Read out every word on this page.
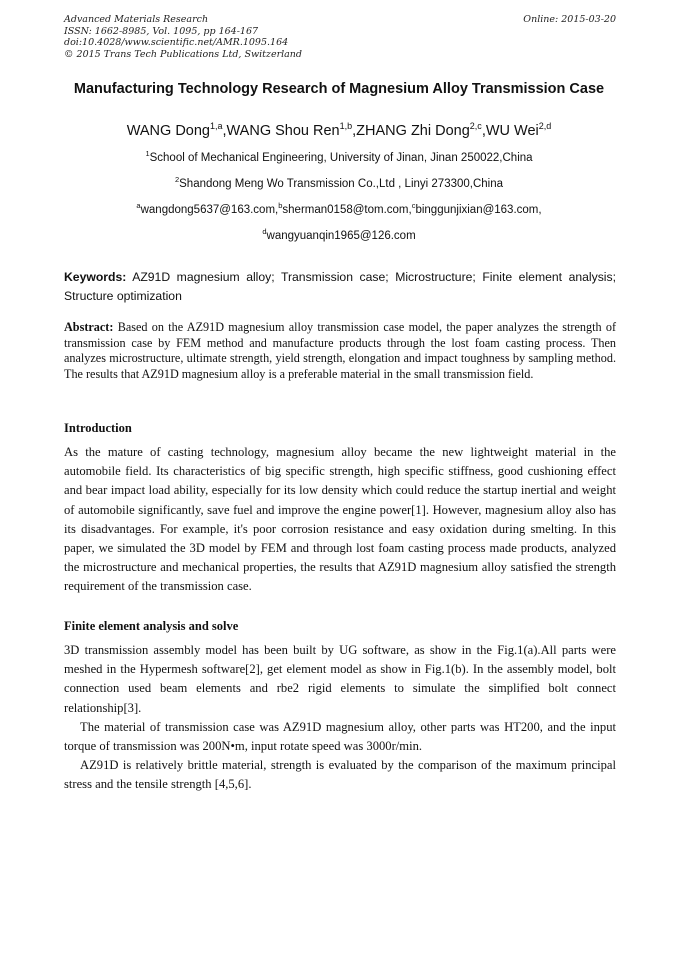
Advanced Materials Research
ISSN: 1662-8985, Vol. 1095, pp 164-167
doi:10.4028/www.scientific.net/AMR.1095.164
© 2015 Trans Tech Publications Ltd, Switzerland
Online: 2015-03-20
Manufacturing Technology Research of Magnesium Alloy Transmission Case
WANG Dong$^{1,a}$,WANG Shou Ren$^{1,b}$,ZHANG Zhi Dong$^{2,c}$,WU Wei$^{2,d}$
$^1$School of Mechanical Engineering, University of Jinan, Jinan 250022,China
$^2$Shandong Meng Wo Transmission Co.,Ltd , Linyi 273300,China
$^a$wangdong5637@163.com,$^b$sherman0158@tom.com,$^c$binggunjixian@163.com,
$^d$wangyuanqin1965@126.com
Keywords: AZ91D magnesium alloy; Transmission case; Microstructure; Finite element analysis; Structure optimization
Abstract: Based on the AZ91D magnesium alloy transmission case model, the paper analyzes the strength of transmission case by FEM method and manufacture products through the lost foam casting process. Then analyzes microstructure, ultimate strength, yield strength, elongation and impact toughness by sampling method. The results that AZ91D magnesium alloy is a preferable material in the small transmission field.
Introduction
As the mature of casting technology, magnesium alloy became the new lightweight material in the automobile field. Its characteristics of big specific strength, high specific stiffness, good cushioning effect and bear impact load ability, especially for its low density which could reduce the startup inertial and weight of automobile significantly, save fuel and improve the engine power[1]. However, magnesium alloy also has its disadvantages. For example, it's poor corrosion resistance and easy oxidation during smelting. In this paper, we simulated the 3D model by FEM and through lost foam casting process made products, analyzed the microstructure and mechanical properties, the results that AZ91D magnesium alloy satisfied the strength requirement of the transmission case.
Finite element analysis and solve
3D transmission assembly model has been built by UG software, as show in the Fig.1(a).All parts were meshed in the Hypermesh software[2], get element model as show in Fig.1(b). In the assembly model, bolt connection used beam elements and rbe2 rigid elements to simulate the simplified bolt connect relationship[3].
The material of transmission case was AZ91D magnesium alloy, other parts was HT200, and the input torque of transmission was 200N•m, input rotate speed was 3000r/min.
AZ91D is relatively brittle material, strength is evaluated by the comparison of the maximum principal stress and the tensile strength [4,5,6].
